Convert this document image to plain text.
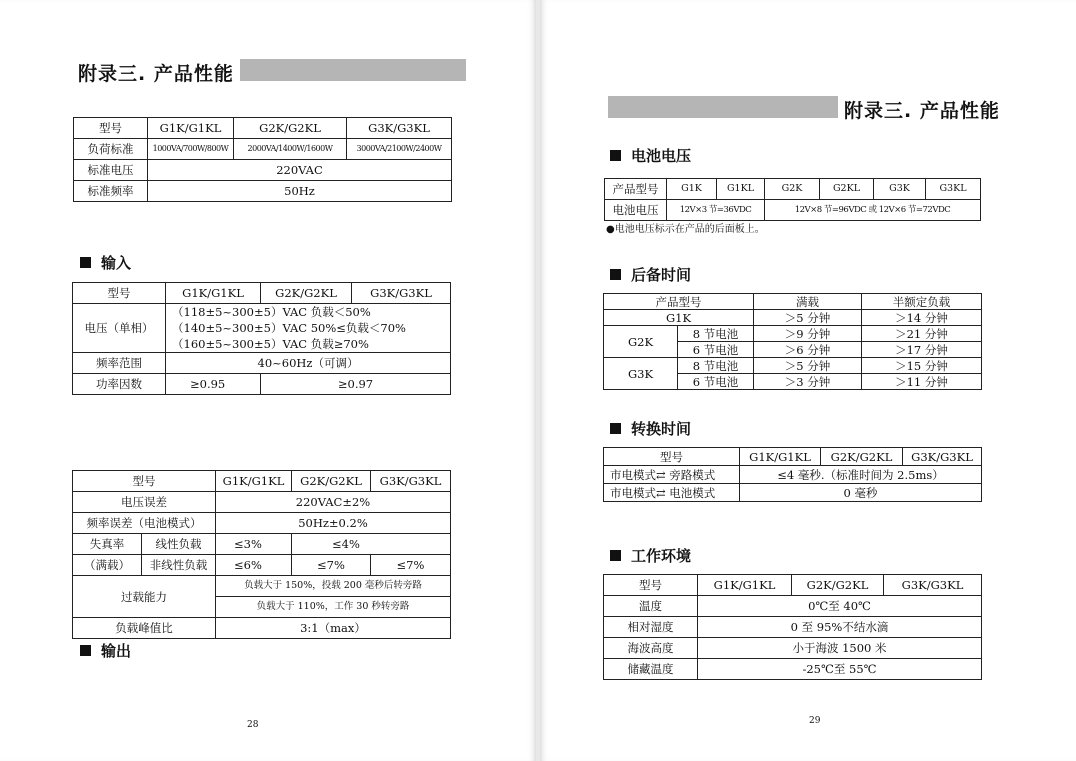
附录三. 产品性能
型号	G1K/G1KL	G2K/G2KL	G3K/G3KL
负荷标准	1000VA/700W/800W	2000VA/1400W/1600W	3000VA/2100W/2400W
标准电压	220VAC		
标准频率	50Hz		
输入
型号	G1K/G1KL	G2K/G2KL	G3K/G3KL
电压（单相）	（118±5~300±5）VAC 负载＜50%
（140±5~300±5）VAC 50%≤负载＜70%
（160±5~300±5）VAC 负载≥70%		

频率范围	40~60Hz（可调）		
功率因数	≥0.95	≥0.97	
型号		G1K/G1KL	G2K/G2KL	G3K/G3KL
电压误差		220VAC±2%		
频率误差（电池模式）		50Hz±0.2%		
失真率	线性负载	≤3%	≤4%	
（满载）	非线性负载	≤6%	≤7%	≤7%
过载能力		负载大于 150%，投载 200 毫秒后转旁路		
		负载大于 110%，工作 30 秒转旁路		
负载峰值比		3:1（max）		
输出
28
附录三. 产品性能
电池电压
产品型号	G1K	G1KL	G2K	G2KL	G3K	G3KL
电池电压	12V×3 节=36VDC		12V×8 节=96VDC 或 12V×6 节=72VDC			
●电池电压标示在产品的后面板上。
后备时间
产品型号		满载	半额定负载
G1K		＞5 分钟	＞14 分钟
G2K	8 节电池	＞9 分钟	＞21 分钟
	6 节电池	＞6 分钟	＞17 分钟
G3K	8 节电池	＞5 分钟	＞15 分钟
	6 节电池	＞3 分钟	＞11 分钟
转换时间
型号	G1K/G1KL	G2K/G2KL	G3K/G3KL
市电模式⇄ 旁路模式	≤4 毫秒.（标准时间为 2.5ms）		
市电模式⇄ 电池模式	0 毫秒		
工作环境
型号	G1K/G1KL	G2K/G2KL	G3K/G3KL
温度	0℃至 40℃		
相对湿度	0 至 95%不结水滴		
海波高度	小于海波 1500 米		
储藏温度	-25℃至 55℃		
29
